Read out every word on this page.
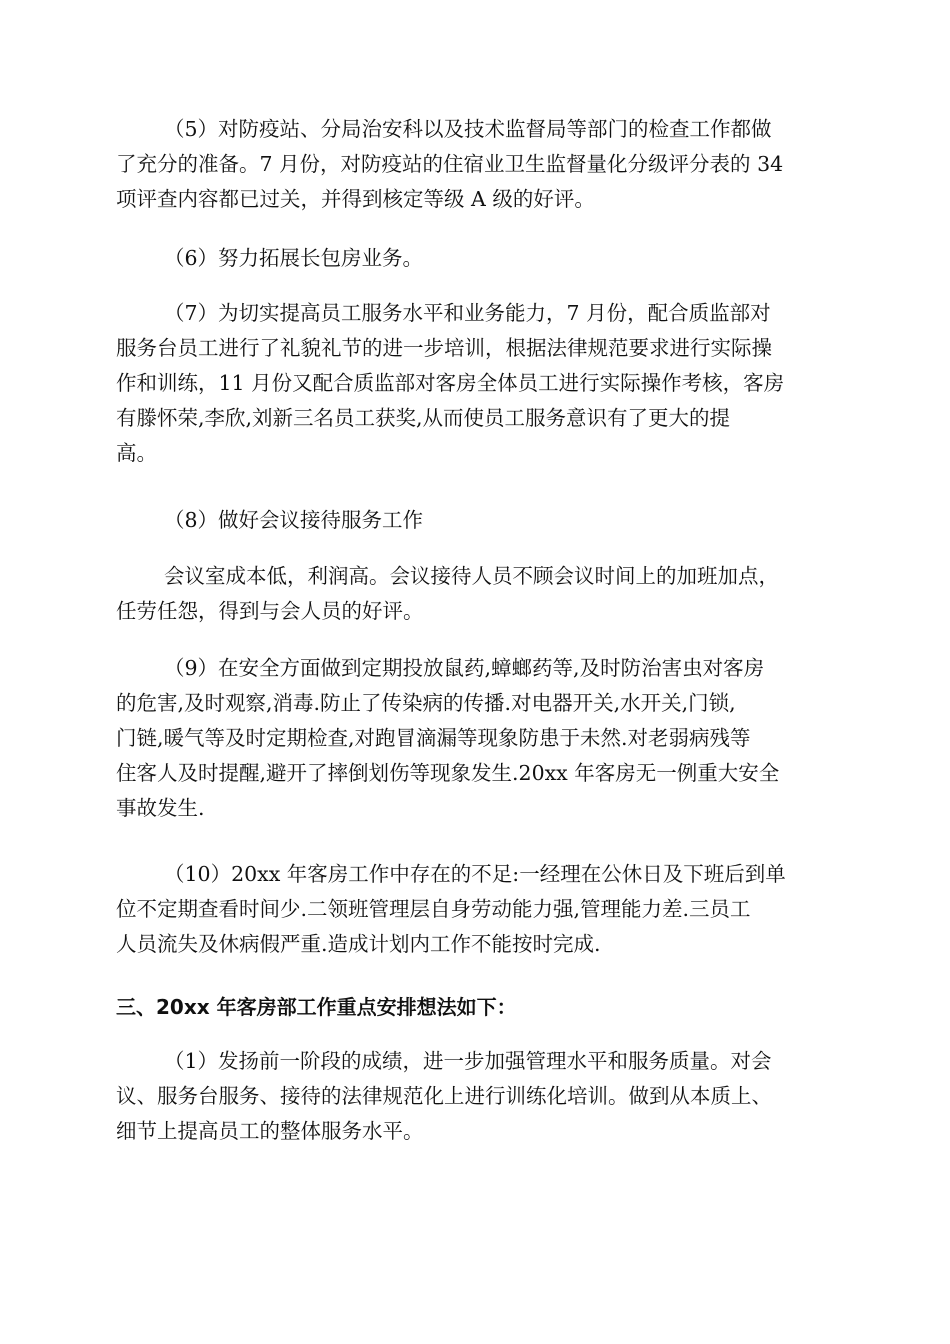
（5）对防疫站、分局治安科以及技术监督局等部门的检查工作都做
了充分的准备。7 月份，对防疫站的住宿业卫生监督量化分级评分表的 34
项评查内容都已过关，并得到核定等级 A 级的好评。
（6）努力拓展长包房业务。
（7）为切实提高员工服务水平和业务能力，7 月份，配合质监部对
服务台员工进行了礼貌礼节的进一步培训，根据法律规范要求进行实际操
作和训练，11 月份又配合质监部对客房全体员工进行实际操作考核，客房
有滕怀荣,李欣,刘新三名员工获奖,从而使员工服务意识有了更大的提
高。
（8）做好会议接待服务工作
会议室成本低，利润高。会议接待人员不顾会议时间上的加班加点，
任劳任怨，得到与会人员的好评。
（9）在安全方面做到定期投放鼠药,蟑螂药等,及时防治害虫对客房
的危害,及时观察,消毒.防止了传染病的传播.对电器开关,水开关,门锁,
门链,暖气等及时定期检查,对跑冒滴漏等现象防患于未然.对老弱病残等
住客人及时提醒,避开了摔倒划伤等现象发生.20xx 年客房无一例重大安全
事故发生.
（10）20xx 年客房工作中存在的不足:一经理在公休日及下班后到单
位不定期查看时间少.二领班管理层自身劳动能力强,管理能力差.三员工
人员流失及休病假严重.造成计划内工作不能按时完成.
三、20xx 年客房部工作重点安排想法如下：
（1）发扬前一阶段的成绩，进一步加强管理水平和服务质量。对会
议、服务台服务、接待的法律规范化上进行训练化培训。做到从本质上、
细节上提高员工的整体服务水平。
